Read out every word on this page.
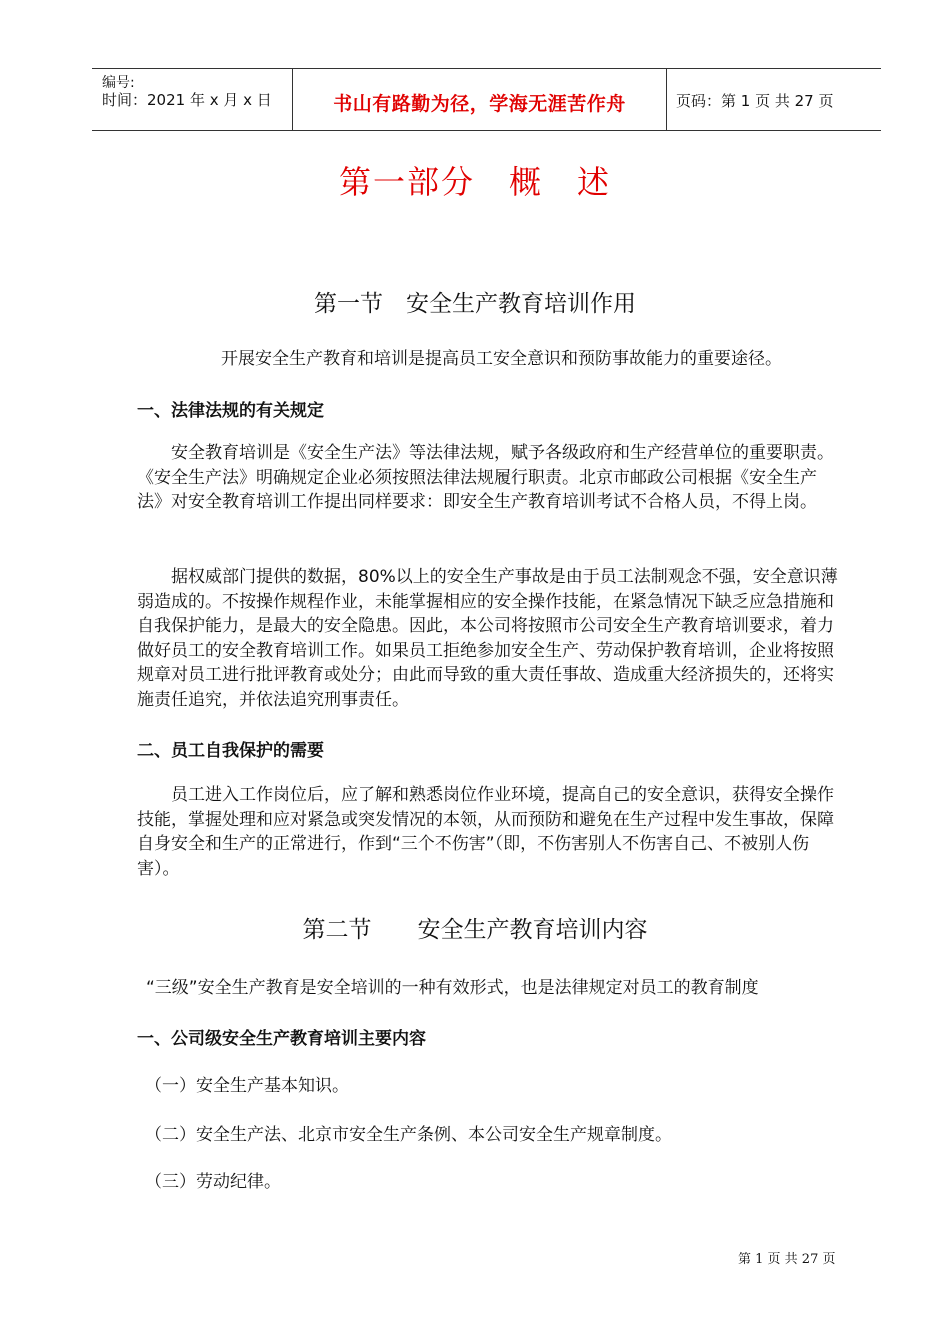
编号:
时间：2021 年 x 月 x 日	书山有路勤为径，学海无涯苦作舟	页码：第 1 页 共 27 页
第一部分　概　述
第一节　安全生产教育培训作用

开展安全生产教育和培训是提高员工安全意识和预防事故能力的重要途径。

一、法律法规的有关规定

安全教育培训是《安全生产法》等法律法规，赋予各级政府和生产经营单位的重要职责。《安全生产法》明确规定企业必须按照法律法规履行职责。北京市邮政公司根据《安全生产法》对安全教育培训工作提出同样要求：即安全生产教育培训考试不合格人员，不得上岗。

据权威部门提供的数据，80%以上的安全生产事故是由于员工法制观念不强，安全意识薄弱造成的。不按操作规程作业，未能掌握相应的安全操作技能，在紧急情况下缺乏应急措施和自我保护能力，是最大的安全隐患。因此，本公司将按照市公司安全生产教育培训要求，着力做好员工的安全教育培训工作。如果员工拒绝参加安全生产、劳动保护教育培训，企业将按照规章对员工进行批评教育或处分；由此而导致的重大责任事故、造成重大经济损失的，还将实施责任追究，并依法追究刑事责任。

二、员工自我保护的需要

员工进入工作岗位后，应了解和熟悉岗位作业环境，提高自己的安全意识，获得安全操作技能，掌握处理和应对紧急或突发情况的本领，从而预防和避免在生产过程中发生事故，保障自身安全和生产的正常进行，作到“三个不伤害”（即，不伤害别人不伤害自己、不被别人伤害）。

第二节　　安全生产教育培训内容

“三级”安全生产教育是安全培训的一种有效形式，也是法律规定对员工的教育制度

一、公司级安全生产教育培训主要内容
（一）安全生产基本知识。
（二）安全生产法、北京市安全生产条例、本公司安全生产规章制度。
（三）劳动纪律。
第 1 页 共 27 页
